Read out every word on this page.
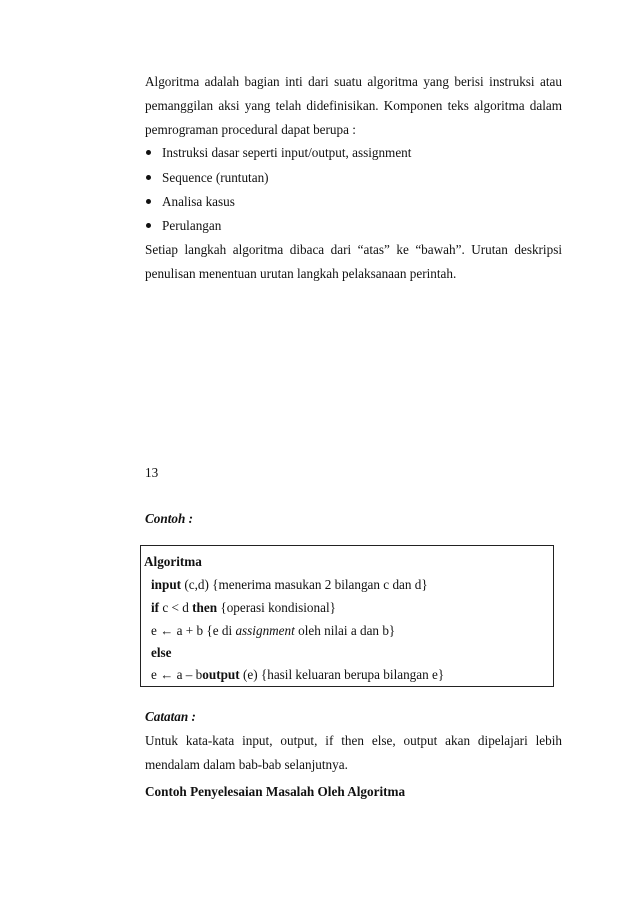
Algoritma adalah bagian inti dari suatu algoritma yang berisi instruksi atau
pemanggilan aksi yang telah didefinisikan. Komponen teks algoritma dalam
pemrograman procedural dapat berupa :
Instruksi dasar seperti input/output, assignment
Sequence (runtutan)
Analisa kasus
Perulangan
Setiap langkah algoritma dibaca dari “atas” ke “bawah”. Urutan deskripsi
penulisan menentuan urutan langkah pelaksanaan perintah.
13
Contoh :
Algoritma
input (c,d) {menerima masukan 2 bilangan c dan d}
if c < d then {operasi kondisional}
e ← a + b {e di assignment oleh nilai a dan b}
else
e ← a – boutput (e) {hasil keluaran berupa bilangan e}
Catatan :
Untuk kata-kata input, output, if then else, output akan dipelajari lebih
mendalam dalam bab-bab selanjutnya.
Contoh Penyelesaian Masalah Oleh Algoritma
